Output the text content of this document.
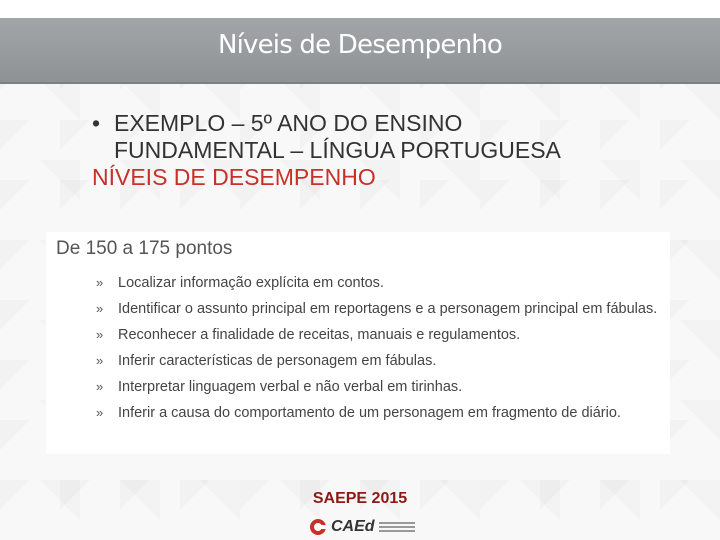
Níveis de Desempenho
• EXEMPLO – 5º ANO DO ENSINO
FUNDAMENTAL – LÍNGUA PORTUGUESA
NÍVEIS DE DESEMPENHO
De 150 a 175 pontos
» Localizar informação explícita em contos.
» Identificar o assunto principal em reportagens e a personagem principal em fábulas.
» Reconhecer a finalidade de receitas, manuais e regulamentos.
» Inferir características de personagem em fábulas.
» Interpretar linguagem verbal e não verbal em tirinhas.
» Inferir a causa do comportamento de um personagem em fragmento de diário.
SAEPE 2015
CAEd
